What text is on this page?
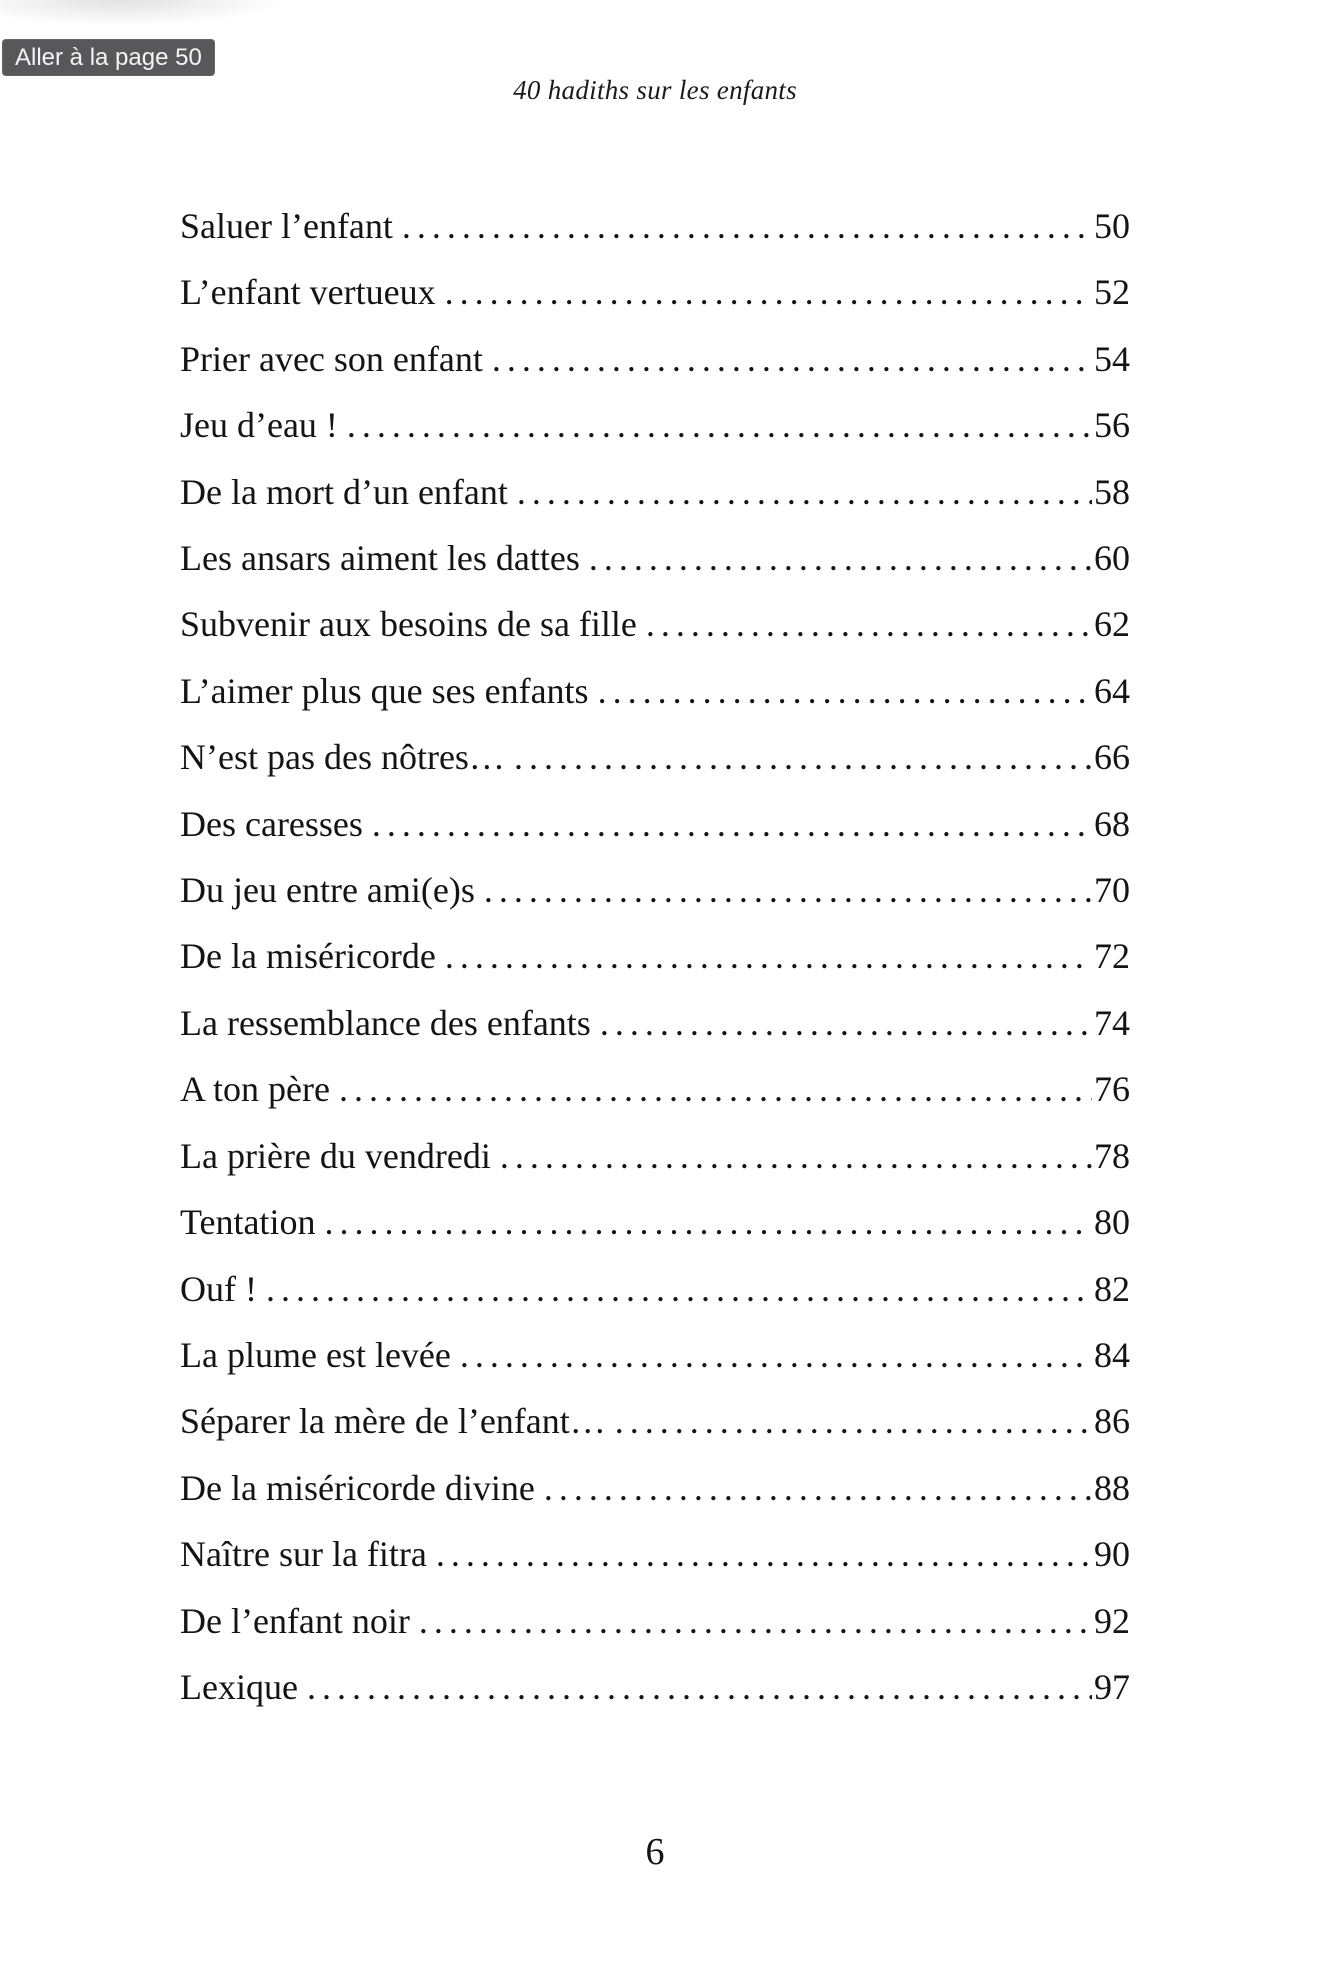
Aller à la page 50
40 hadiths sur les enfants
Saluer l’enfant .....	50
L’enfant vertueux .....	52
Prier avec son enfant .....	54
Jeu d’eau ! .....	56
De la mort d’un enfant .....	58
Les ansars aiment les dattes .....	60
Subvenir aux besoins de sa fille .....	62
L’aimer plus que ses enfants .....	64
N’est pas des nôtres… .....	66
Des caresses .....	68
Du jeu entre ami(e)s .....	70
De la miséricorde .....	72
La ressemblance des enfants .....	74
A ton père .....	76
La prière du vendredi .....	78
Tentation .....	80
Ouf ! .....	82
La plume est levée .....	84
Séparer la mère de l’enfant… .....	86
De la miséricorde divine .....	88
Naître sur la fitra .....	90
De l’enfant noir .....	92
Lexique .....	97
6
